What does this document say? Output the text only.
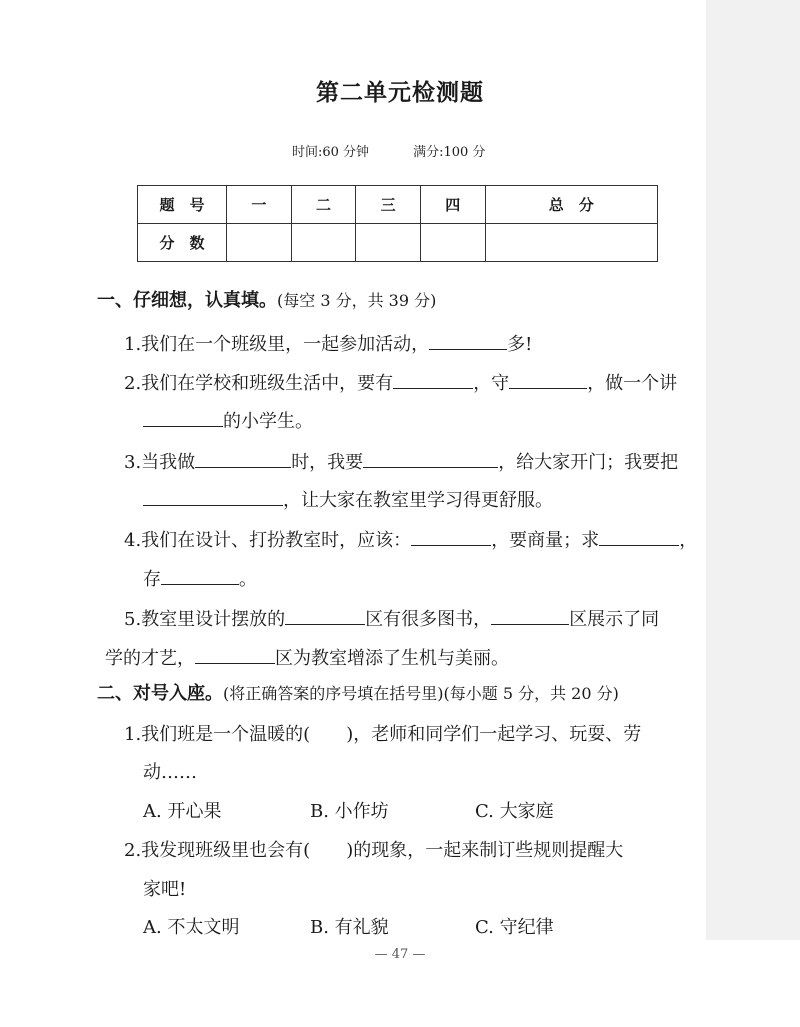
第二单元检测题
时间:60 分钟	满分:100 分
题　号	一	二	三	四	总　分
分　数					
一、仔细想，认真填。(每空 3 分，共 39 分)
1.我们在一个班级里，一起参加活动，	多!
2.我们在学校和班级生活中，要有	，守	，做一个讲
的小学生。
3.当我做	时，我要	，给大家开门；我要把
，让大家在教室里学习得更舒服。
4.我们在设计、打扮教室时，应该：	，要商量；求	，
存	。
5.教室里设计摆放的	区有很多图书，	区展示了同
学的才艺，	区为教室增添了生机与美丽。
二、对号入座。(将正确答案的序号填在括号里)(每小题 5 分，共 20 分)
1.我们班是一个温暖的(　　)，老师和同学们一起学习、玩耍、劳
动……
A. 开心果	B. 小作坊	C. 大家庭
2.我发现班级里也会有(　　)的现象，一起来制订些规则提醒大
家吧!
A. 不太文明	B. 有礼貌	C. 守纪律
— 47 —
